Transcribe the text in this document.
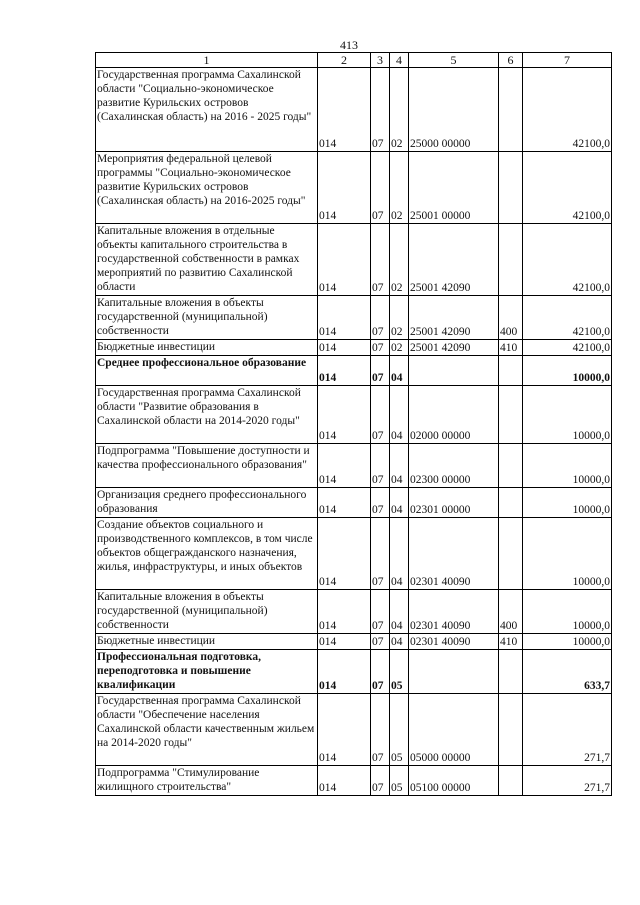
413
1	2	3	4	5	6	7
Государственная программа Сахалинской области "Социально-экономическое развитие Курильских островов (Сахалинская область) на 2016 - 2025 годы"	014	07	02	25000 00000		42100,0
Мероприятия федеральной целевой программы "Социально-экономическое развитие Курильских островов (Сахалинская область) на 2016-2025 годы"	014	07	02	25001 00000		42100,0
Капитальные вложения в отдельные объекты капитального строительства в государственной собственности в рамках мероприятий по развитию Сахалинской области	014	07	02	25001 42090		42100,0
Капитальные вложения в объекты государственной (муниципальной) собственности	014	07	02	25001 42090	400	42100,0
Бюджетные инвестиции	014	07	02	25001 42090	410	42100,0
Среднее профессиональное образование	014	07	04			10000,0
Государственная программа Сахалинской области "Развитие образования в Сахалинской области на 2014-2020 годы"	014	07	04	02000 00000		10000,0
Подпрограмма "Повышение доступности и качества профессионального образования"	014	07	04	02300 00000		10000,0
Организация среднего профессионального образования	014	07	04	02301 00000		10000,0
Создание объектов социального и производственного комплексов, в том числе объектов общегражданского назначения, жилья, инфраструктуры, и иных объектов	014	07	04	02301 40090		10000,0
Капитальные вложения в объекты государственной (муниципальной) собственности	014	07	04	02301 40090	400	10000,0
Бюджетные инвестиции	014	07	04	02301 40090	410	10000,0
Профессиональная подготовка, переподготовка и повышение квалификации	014	07	05			633,7
Государственная программа Сахалинской области "Обеспечение населения Сахалинской области качественным жильем на 2014-2020 годы"	014	07	05	05000 00000		271,7
Подпрограмма "Стимулирование жилищного строительства"	014	07	05	05100 00000		271,7
